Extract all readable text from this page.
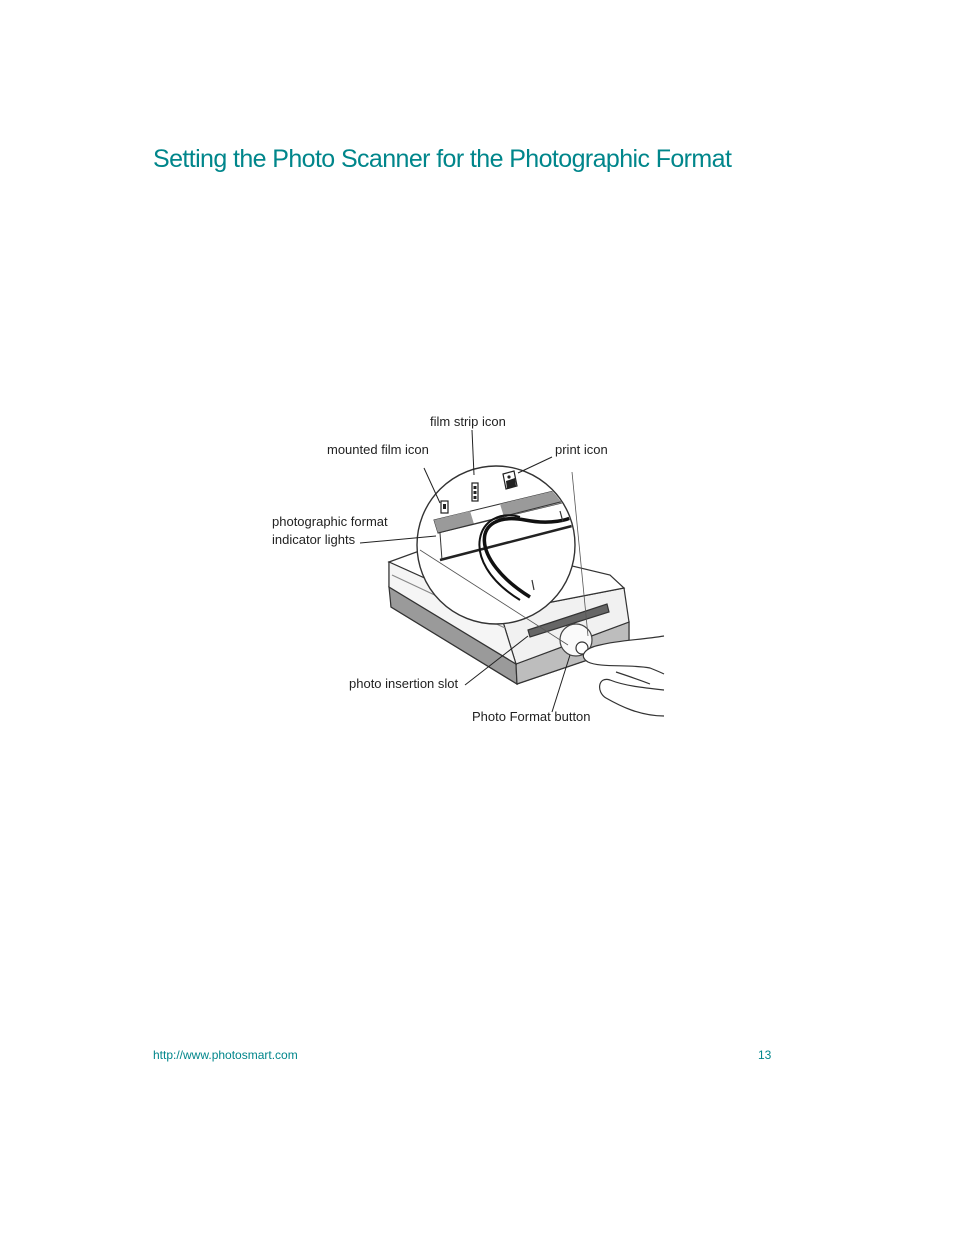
Setting the Photo Scanner for the Photographic Format
film strip icon
mounted film icon	print icon
photographic format
indicator lights
photo insertion slot
Photo Format button
http://www.photosmart.com	13
